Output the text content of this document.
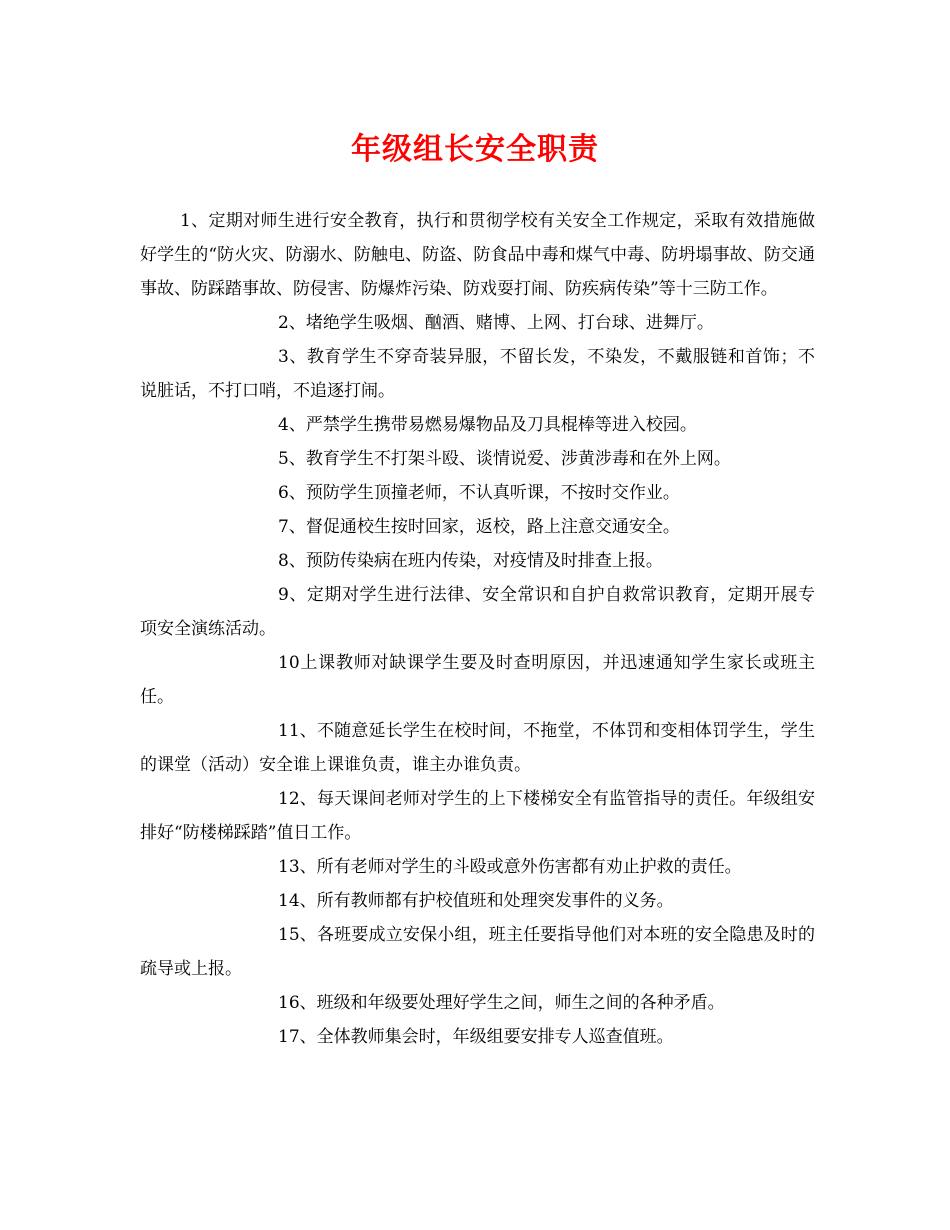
年级组长安全职责

1、定期对师生进行安全教育，执行和贯彻学校有关安全工作规定，采取有效措施做好学生的“防火灾、防溺水、防触电、防盗、防食品中毒和煤气中毒、防坍塌事故、防交通事故、防踩踏事故、防侵害、防爆炸污染、防戏耍打闹、防疾病传染”等十三防工作。

2、堵绝学生吸烟、酗酒、赌博、上网、打台球、进舞厅。

3、教育学生不穿奇装异服，不留长发，不染发，不戴服链和首饰；不说脏话，不打口哨，不追逐打闹。

4、严禁学生携带易燃易爆物品及刀具棍棒等进入校园。

5、教育学生不打架斗殴、谈情说爱、涉黄涉毒和在外上网。

6、预防学生顶撞老师，不认真听课，不按时交作业。

7、督促通校生按时回家，返校，路上注意交通安全。

8、预防传染病在班内传染，对疫情及时排查上报。

9、定期对学生进行法律、安全常识和自护自救常识教育，定期开展专项安全演练活动。

10上课教师对缺课学生要及时查明原因，并迅速通知学生家长或班主任。

11、不随意延长学生在校时间，不拖堂，不体罚和变相体罚学生，学生的课堂（活动）安全谁上课谁负责，谁主办谁负责。

12、每天课间老师对学生的上下楼梯安全有监管指导的责任。年级组安排好“防楼梯踩踏”值日工作。

13、所有老师对学生的斗殴或意外伤害都有劝止护救的责任。

14、所有教师都有护校值班和处理突发事件的义务。

15、各班要成立安保小组，班主任要指导他们对本班的安全隐患及时的疏导或上报。

16、班级和年级要处理好学生之间，师生之间的各种矛盾。

17、全体教师集会时，年级组要安排专人巡查值班。
